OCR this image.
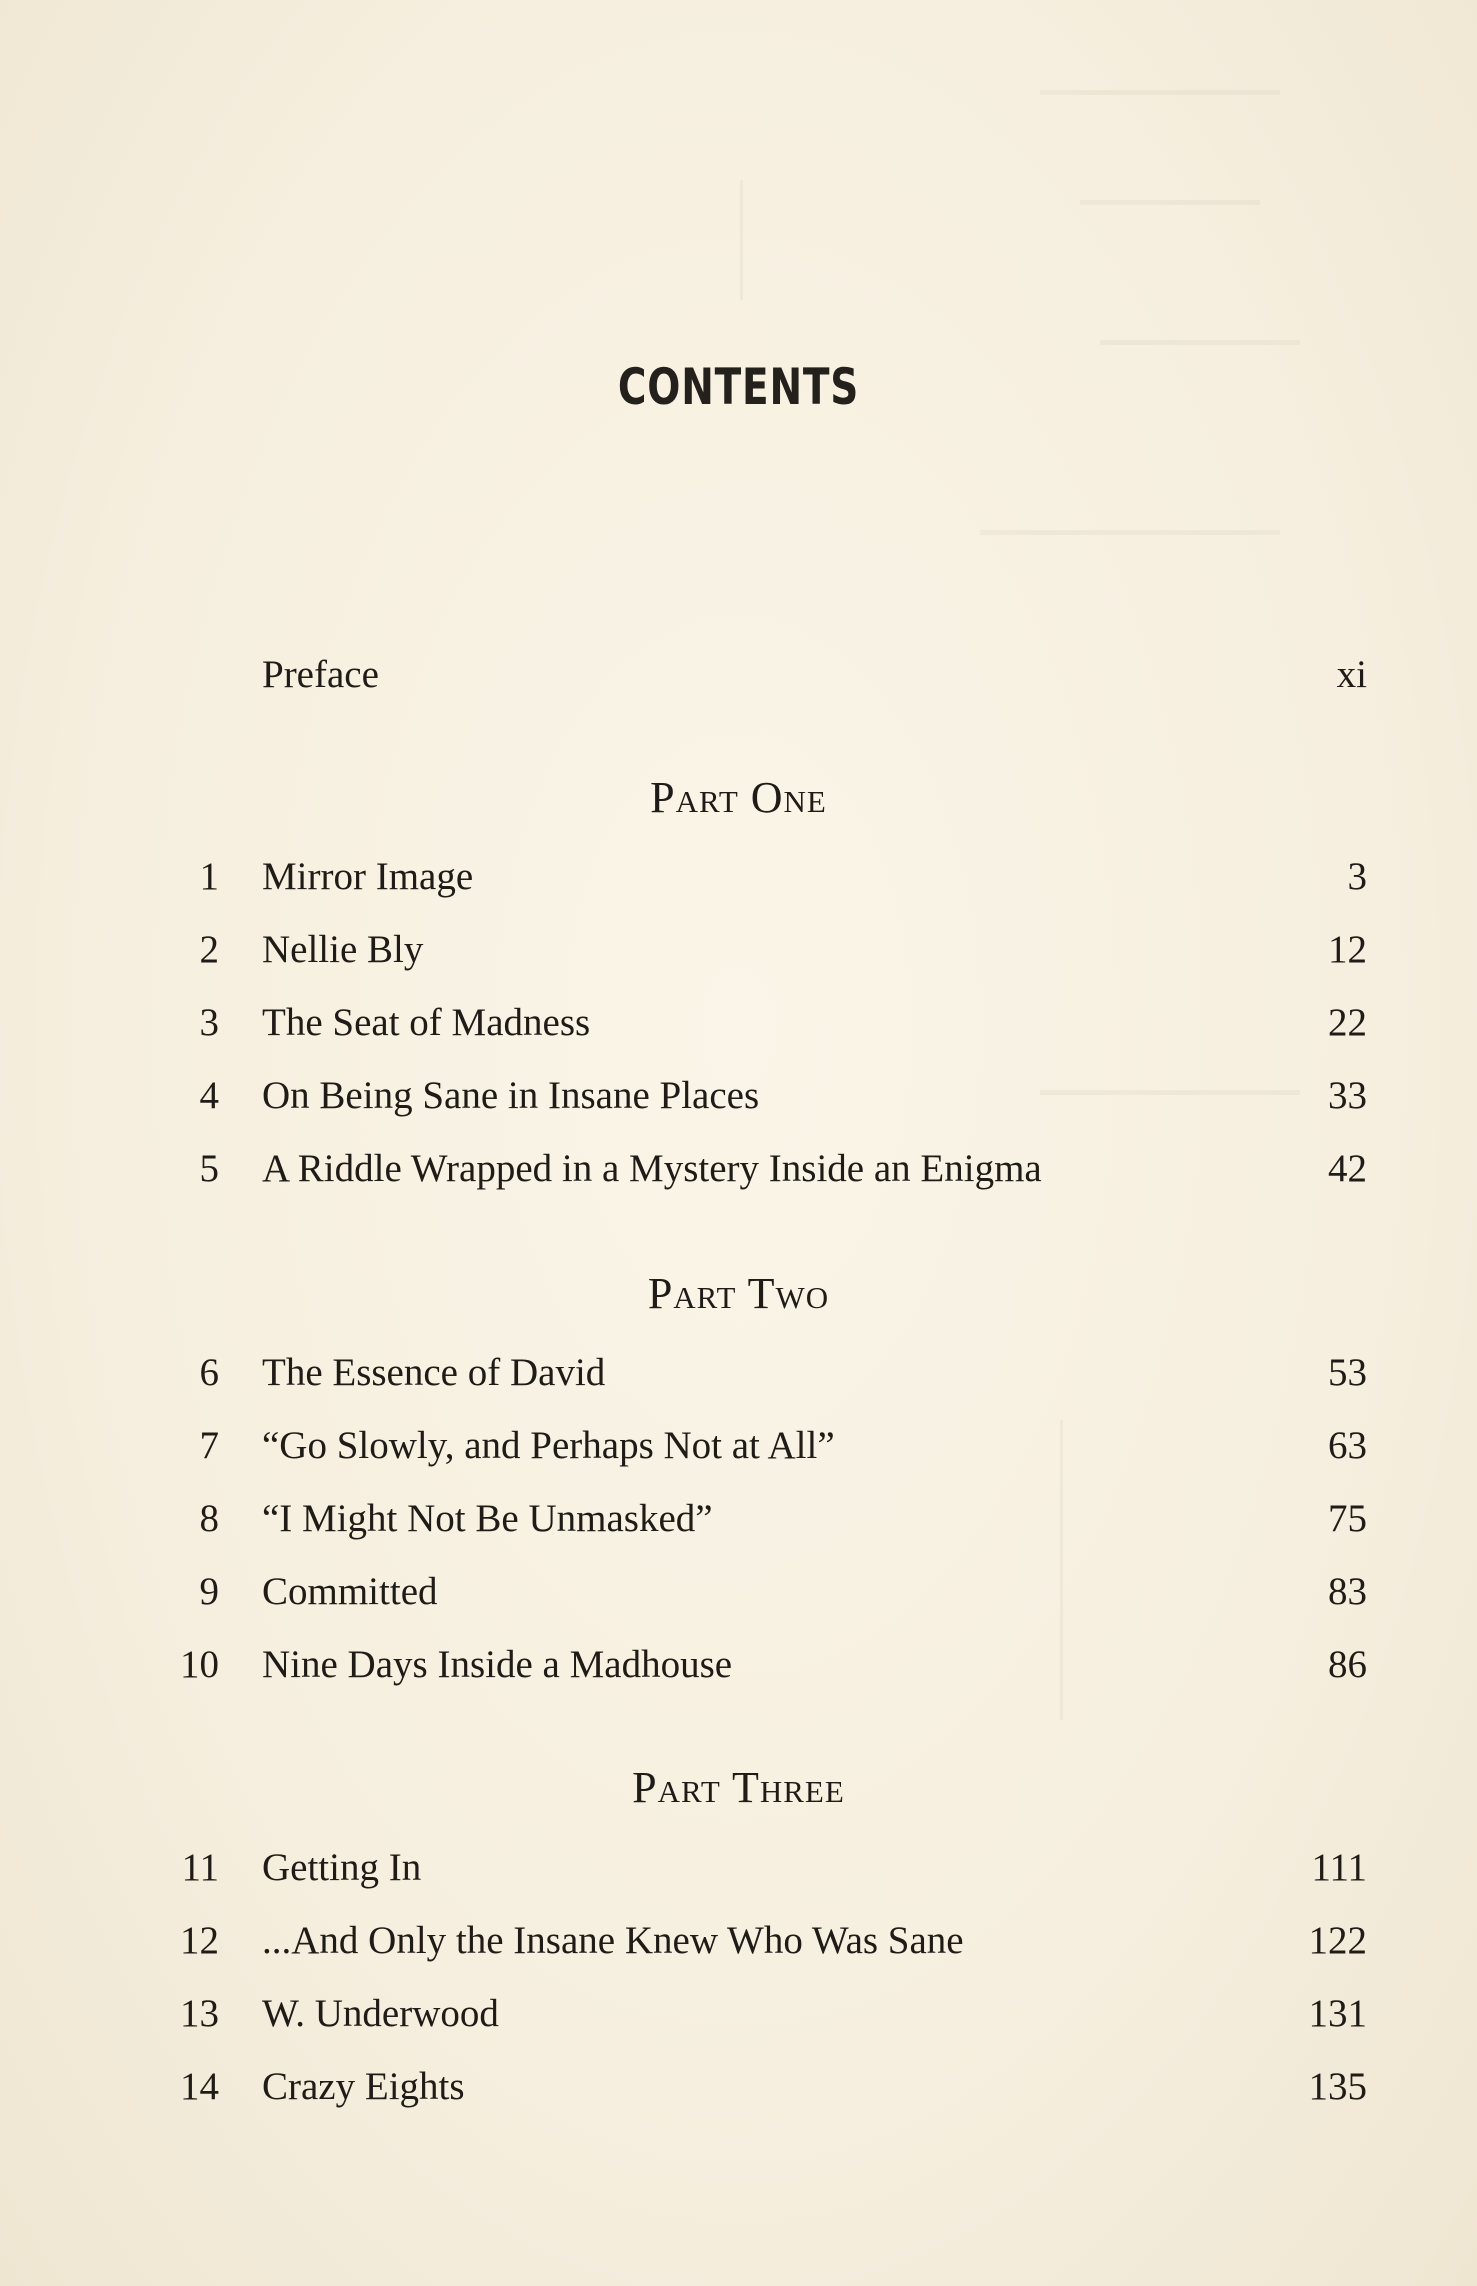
CONTENTS
Preface	xi
Part One
1 Mirror Image	3
2 Nellie Bly	12
3 The Seat of Madness	22
4 On Being Sane in Insane Places	33
5 A Riddle Wrapped in a Mystery Inside an Enigma	42
Part Two
6 The Essence of David	53
7 “Go Slowly, and Perhaps Not at All”	63
8 “I Might Not Be Unmasked”	75
9 Committed	83
10 Nine Days Inside a Madhouse	86
Part Three
11 Getting In	111
12 ...And Only the Insane Knew Who Was Sane	122
13 W. Underwood	131
14 Crazy Eights	135
